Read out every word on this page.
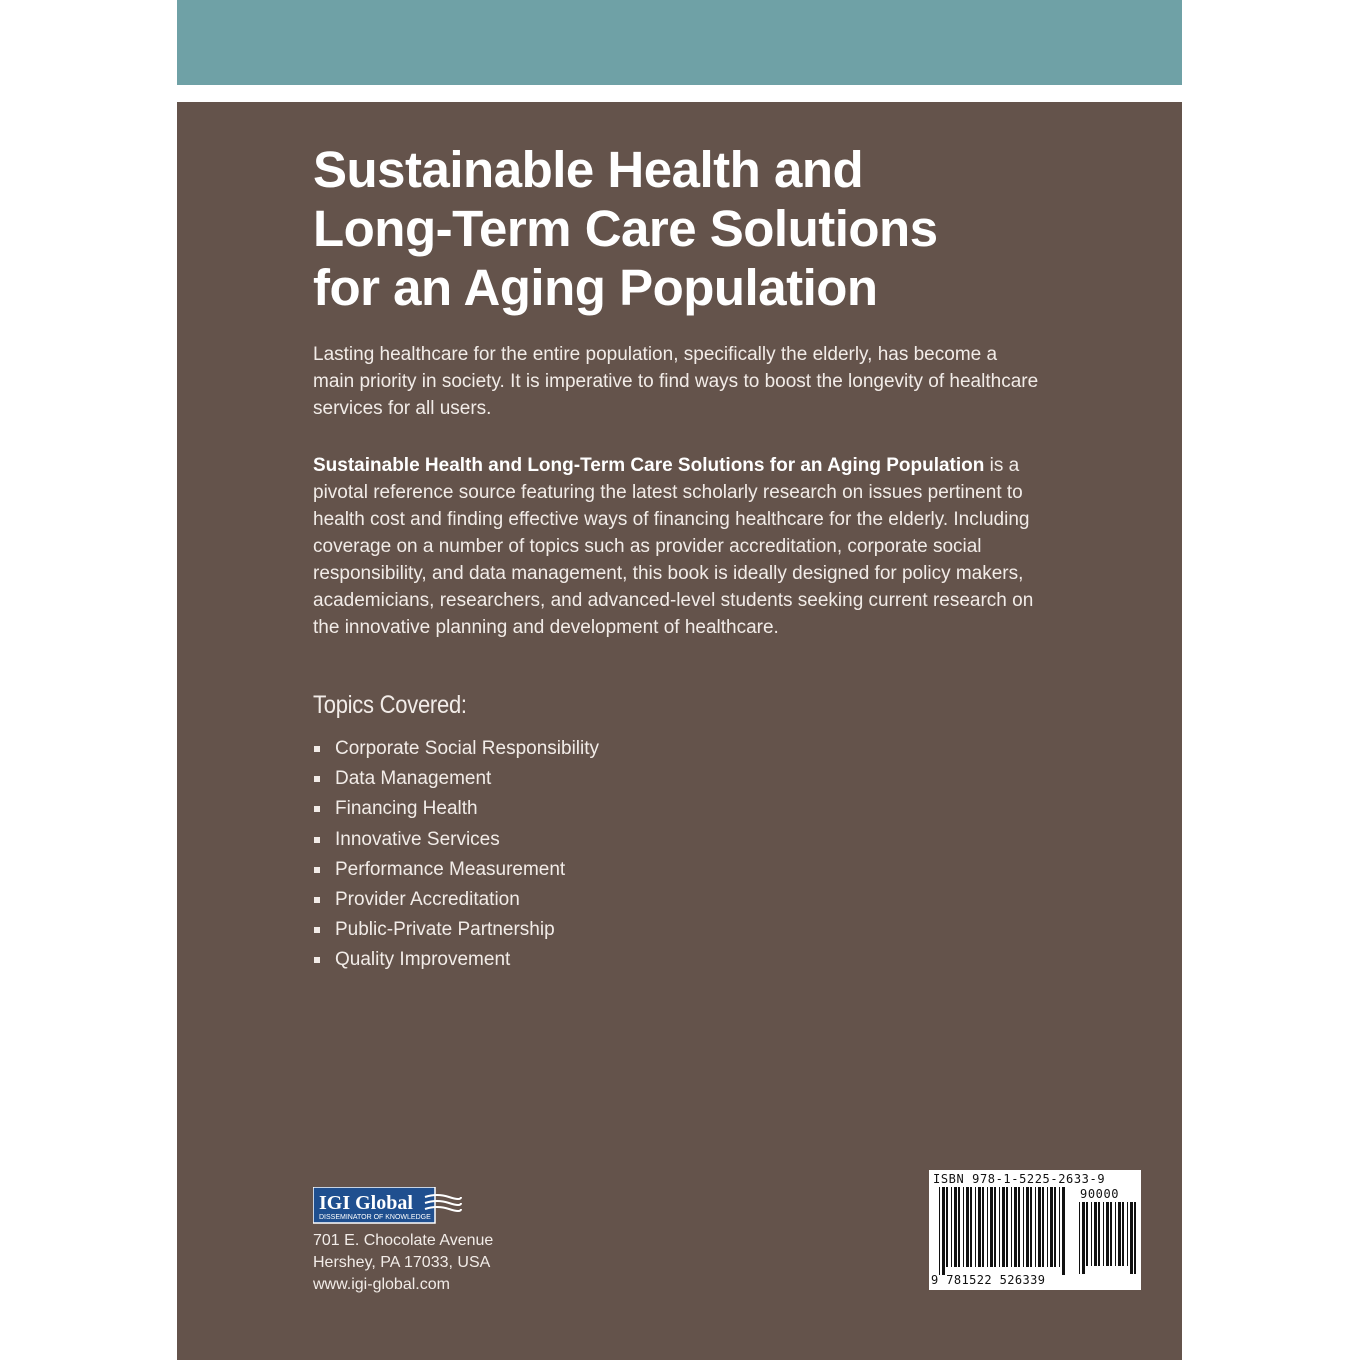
Sustainable Health and
Long-Term Care Solutions
for an Aging Population

Lasting healthcare for the entire population, specifically the elderly, has become a main priority in society. It is imperative to find ways to boost the longevity of healthcare services for all users.

Sustainable Health and Long-Term Care Solutions for an Aging Population is a pivotal reference source featuring the latest scholarly research on issues pertinent to health cost and finding effective ways of financing healthcare for the elderly. Including coverage on a number of topics such as provider accreditation, corporate social responsibility, and data management, this book is ideally designed for policy makers, academicians, researchers, and advanced-level students seeking current research on the innovative planning and development of healthcare.

Topics Covered:
Corporate Social Responsibility
Data Management
Financing Health
Innovative Services
Performance Measurement
Provider Accreditation
Public-Private Partnership
Quality Improvement
IGI Global
DISSEMINATOR OF KNOWLEDGE
701 E. Chocolate Avenue
Hershey, PA 17033, USA
www.igi-global.com
ISBN 978-1-5225-2633-9
90000
9 781522 526339
